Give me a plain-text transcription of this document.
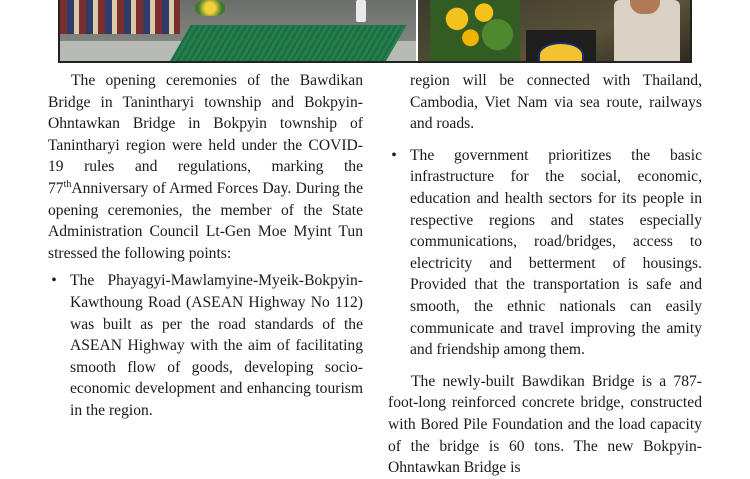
The opening ceremonies of the Bawdikan Bridge in Tanintharyi township and Bokpyin-Ohntawkan Bridge in Bokpyin township of Tanintharyi region were held under the COVID-19 rules and regulations, marking the 77thAnniversary of Armed Forces Day. During the opening ceremonies, the member of the State Administration Council Lt-Gen Moe Myint Tun stressed the following points:

• The Phayagyi-Mawlamyine-Myeik-Bokpyin-Kawthoung Road (ASEAN Highway No 112) was built as per the road standards of the ASEAN Highway with the aim of facilitating smooth flow of goods, developing socio-economic development and enhancing tourism in the region.
region will be connected with Thailand, Cambodia, Viet Nam via sea route, railways and roads.
• The government prioritizes the basic infrastructure for the social, economic, education and health sectors for its people in respective regions and states especially communications, road/bridges, access to electricity and betterment of housings. Provided that the transportation is safe and smooth, the ethnic nationals can easily communicate and travel improving the amity and friendship among them.

The newly-built Bawdikan Bridge is a 787-foot-long reinforced concrete bridge, constructed with Bored Pile Foundation and the load capacity of the bridge is 60 tons. The new Bokpyin-Ohntawkan Bridge is
